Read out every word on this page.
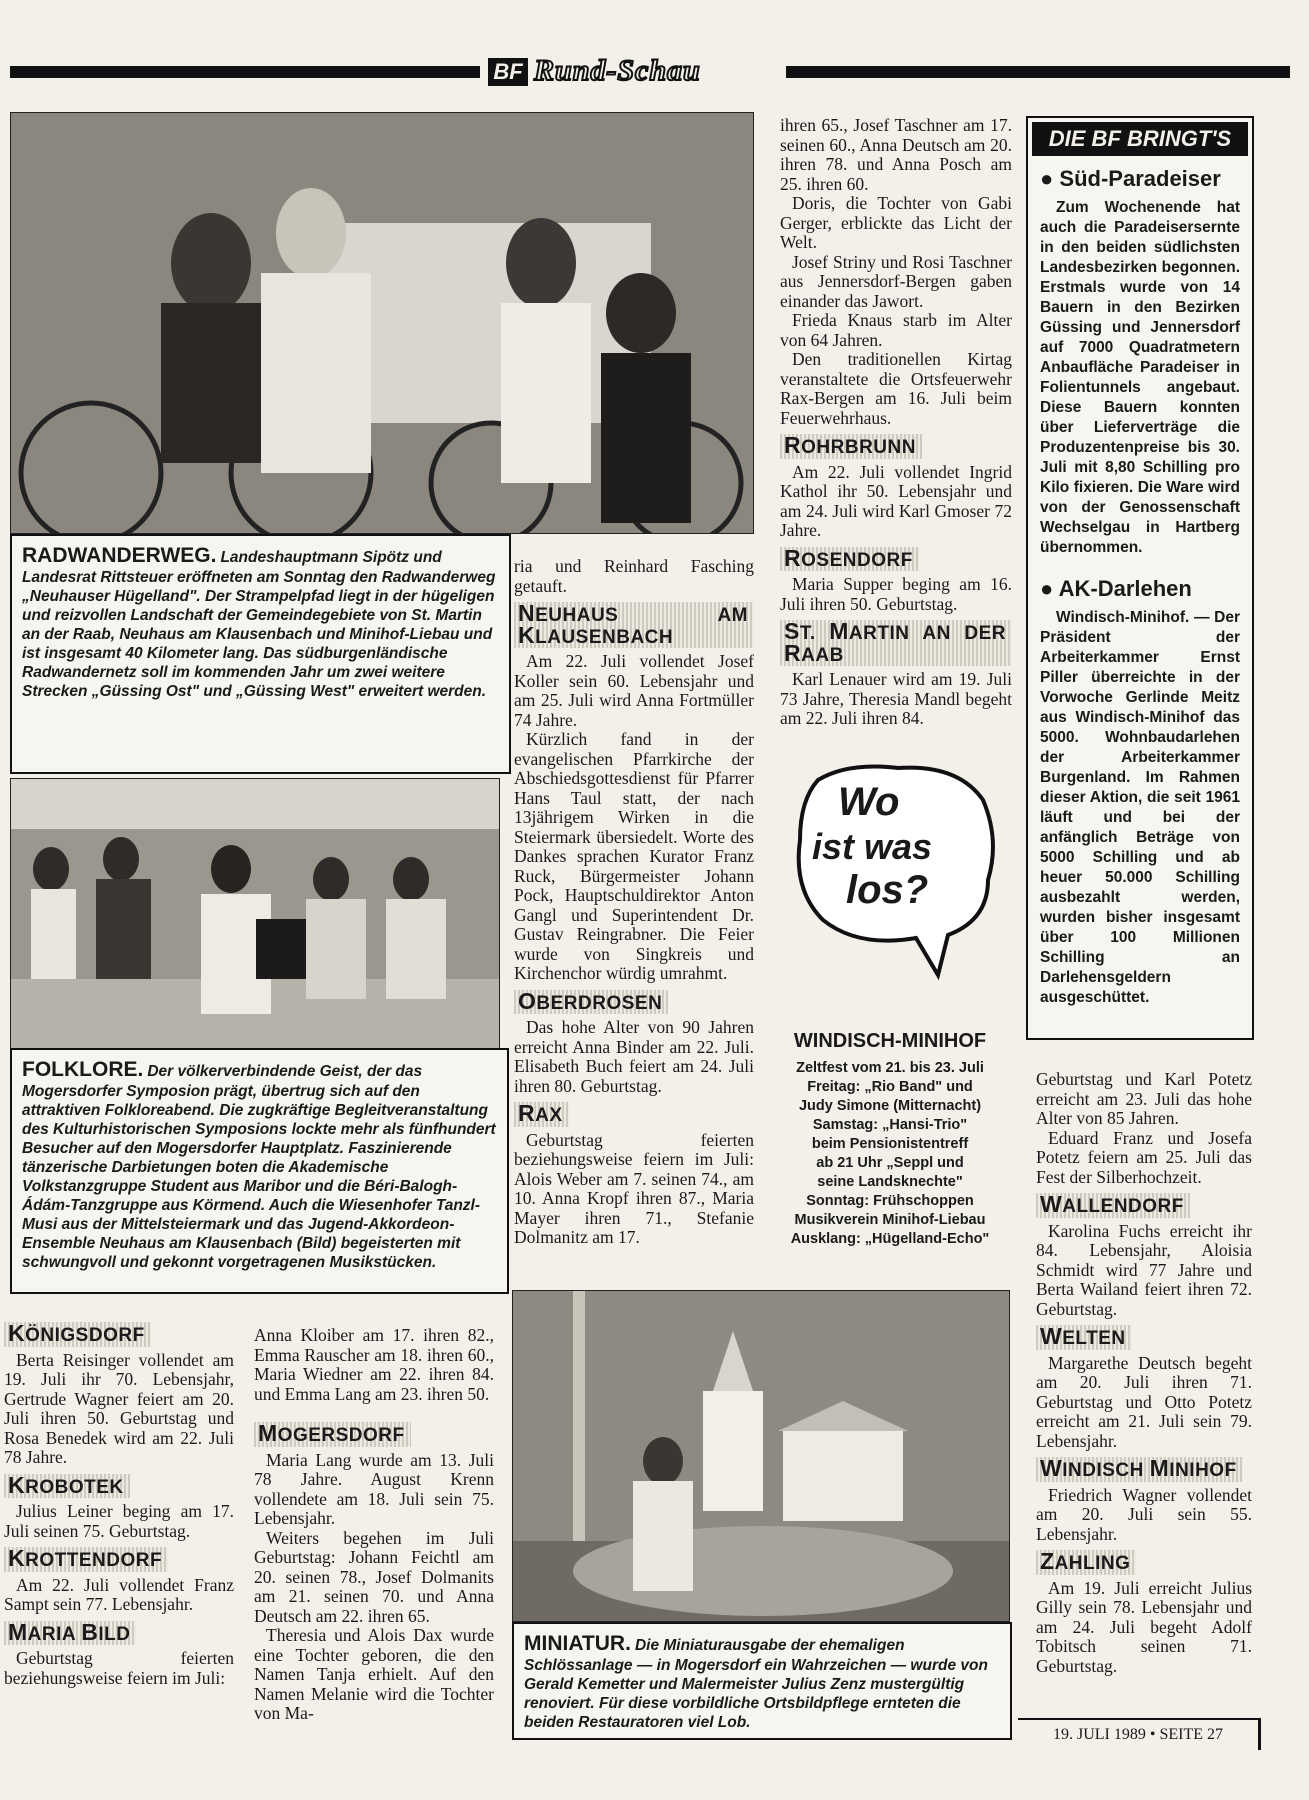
BF Rund-Schau
RADWANDERWEG. Landeshauptmann Sipötz und Landesrat Rittsteuer eröffneten am Sonntag den Radwanderweg „Neuhauser Hügelland". Der Strampelpfad liegt in der hügeligen und reizvollen Landschaft der Gemeindegebiete von St. Martin an der Raab, Neuhaus am Klausenbach und Minihof-Liebau und ist insgesamt 40 Kilometer lang. Das südburgenländische Radwandernetz soll im kommenden Jahr um zwei weitere Strecken „Güssing Ost" und „Güssing West" erweitert werden.
ria und Reinhard Fasching getauft.
NEUHAUS AM KLAUSENBACH

Am 22. Juli vollendet Josef Koller sein 60. Lebensjahr und am 25. Juli wird Anna Fortmüller 74 Jahre.

Kürzlich fand in der evangelischen Pfarrkirche der Abschiedsgottesdienst für Pfarrer Hans Taul statt, der nach 13jährigem Wirken in die Steiermark übersiedelt. Worte des Dankes sprachen Kurator Franz Ruck, Bürgermeister Johann Pock, Hauptschuldirektor Anton Gangl und Superintendent Dr. Gustav Reingrabner. Die Feier wurde von Singkreis und Kirchenchor würdig umrahmt.

OBERDROSEN

Das hohe Alter von 90 Jahren erreicht Anna Binder am 22. Juli. Elisabeth Buch feiert am 24. Juli ihren 80. Geburtstag.

RAX

Geburtstag feierten beziehungsweise feiern im Juli: Alois Weber am 7. seinen 74., am 10. Anna Kropf ihren 87., Maria Mayer ihren 71., Stefanie Dolmanitz am 17.

ihren 65., Josef Taschner am 17. seinen 60., Anna Deutsch am 20. ihren 78. und Anna Posch am 25. ihren 60.

Doris, die Tochter von Gabi Gerger, erblickte das Licht der Welt.

Josef Striny und Rosi Taschner aus Jennersdorf-Bergen gaben einander das Jawort.

Frieda Knaus starb im Alter von 64 Jahren.

Den traditionellen Kirtag veranstaltete die Ortsfeuerwehr Rax-Bergen am 16. Juli beim Feuerwehrhaus.

ROHRBRUNN

Am 22. Juli vollendet Ingrid Kathol ihr 50. Lebensjahr und am 24. Juli wird Karl Gmoser 72 Jahre.

ROSENDORF

Maria Supper beging am 16. Juli ihren 50. Geburtstag.

ST. MARTIN AN DER RAAB

Karl Lenauer wird am 19. Juli 73 Jahre, Theresia Mandl begeht am 22. Juli ihren 84.

DIE BF BRINGT'S
● Süd-Paradeiser
Zum Wochenende hat auch die Paradeisersernte in den beiden südlichsten Landesbezirken begonnen. Erstmals wurde von 14 Bauern in den Bezirken Güssing und Jennersdorf auf 7000 Quadratmetern Anbaufläche Paradeiser in Folientunnels angebaut. Diese Bauern konnten über Lieferverträge die Produzentenpreise bis 30. Juli mit 8,80 Schilling pro Kilo fixieren. Die Ware wird von der Genossenschaft Wechselgau in Hartberg übernommen.
● AK-Darlehen
Windisch-Minihof. — Der Präsident der Arbeiterkammer Ernst Piller überreichte in der Vorwoche Gerlinde Meitz aus Windisch-Minihof das 5000. Wohnbaudarlehen der Arbeiterkammer Burgenland. Im Rahmen dieser Aktion, die seit 1961 läuft und bei der anfänglich Beträge von 5000 Schilling und ab heuer 50.000 Schilling ausbezahlt werden, wurden bisher insgesamt über 100 Millionen Schilling an Darlehensgeldern ausgeschüttet.
Wo
ist was
los?
WINDISCH-MINIHOF
Zeltfest vom 21. bis 23. Juli
Freitag: „Rio Band" und
Judy Simone (Mitternacht)
Samstag: „Hansi-Trio"
beim Pensionistentreff
ab 21 Uhr „Seppl und
seine Landsknechte"
Sonntag: Frühschoppen
Musikverein Minihof-Liebau
Ausklang: „Hügelland-Echo"
FOLKLORE. Der völkerverbindende Geist, der das Mogersdorfer Symposion prägt, übertrug sich auf den attraktiven Folkloreabend. Die zugkräftige Begleitveranstaltung des Kulturhistorischen Symposions lockte mehr als fünfhundert Besucher auf den Mogersdorfer Hauptplatz. Faszinierende tänzerische Darbietungen boten die Akademische Volkstanzgruppe Student aus Maribor und die Béri-Balogh-Ádám-Tanzgruppe aus Körmend. Auch die Wiesenhofer Tanzl-Musi aus der Mittelsteiermark und das Jugend-Akkordeon-Ensemble Neuhaus am Klausenbach (Bild) begeisterten mit schwungvoll und gekonnt vorgetragenen Musikstücken.
MINIATUR. Die Miniaturausgabe der ehemaligen Schlössanlage — in Mogersdorf ein Wahrzeichen — wurde von Gerald Kemetter und Malermeister Julius Zenz mustergültig renoviert. Für diese vorbildliche Ortsbildpflege ernteten die beiden Restauratoren viel Lob.
Geburtstag und Karl Potetz erreicht am 23. Juli das hohe Alter von 85 Jahren.

Eduard Franz und Josefa Potetz feiern am 25. Juli das Fest der Silberhochzeit.

WALLENDORF

Karolina Fuchs erreicht ihr 84. Lebensjahr, Aloisia Schmidt wird 77 Jahre und Berta Wailand feiert ihren 72. Geburtstag.

WELTEN

Margarethe Deutsch begeht am 20. Juli ihren 71. Geburtstag und Otto Potetz erreicht am 21. Juli sein 79. Lebensjahr.

WINDISCH MINIHOF

Friedrich Wagner vollendet am 20. Juli sein 55. Lebensjahr.

ZAHLING

Am 19. Juli erreicht Julius Gilly sein 78. Lebensjahr und am 24. Juli begeht Adolf Tobitsch seinen 71. Geburtstag.

KÖNIGSDORF

Berta Reisinger vollendet am 19. Juli ihr 70. Lebensjahr, Gertrude Wagner feiert am 20. Juli ihren 50. Geburtstag und Rosa Benedek wird am 22. Juli 78 Jahre.

KROBOTEK

Julius Leiner beging am 17. Juli seinen 75. Geburtstag.

KROTTENDORF

Am 22. Juli vollendet Franz Sampt sein 77. Lebensjahr.

MARIA BILD

Geburtstag feierten beziehungsweise feiern im Juli:

Anna Kloiber am 17. ihren 82., Emma Rauscher am 18. ihren 60., Maria Wiedner am 22. ihren 84. und Emma Lang am 23. ihren 50.
MOGERSDORF

Maria Lang wurde am 13. Juli 78 Jahre. August Krenn vollendete am 18. Juli sein 75. Lebensjahr.

Weiters begehen im Juli Geburtstag: Johann Feichtl am 20. seinen 78., Josef Dolmanits am 21. seinen 70. und Anna Deutsch am 22. ihren 65.

Theresia und Alois Dax wurde eine Tochter geboren, die den Namen Tanja erhielt. Auf den Namen Melanie wird die Tochter von Ma-

19. JULI 1989 • SEITE 27
